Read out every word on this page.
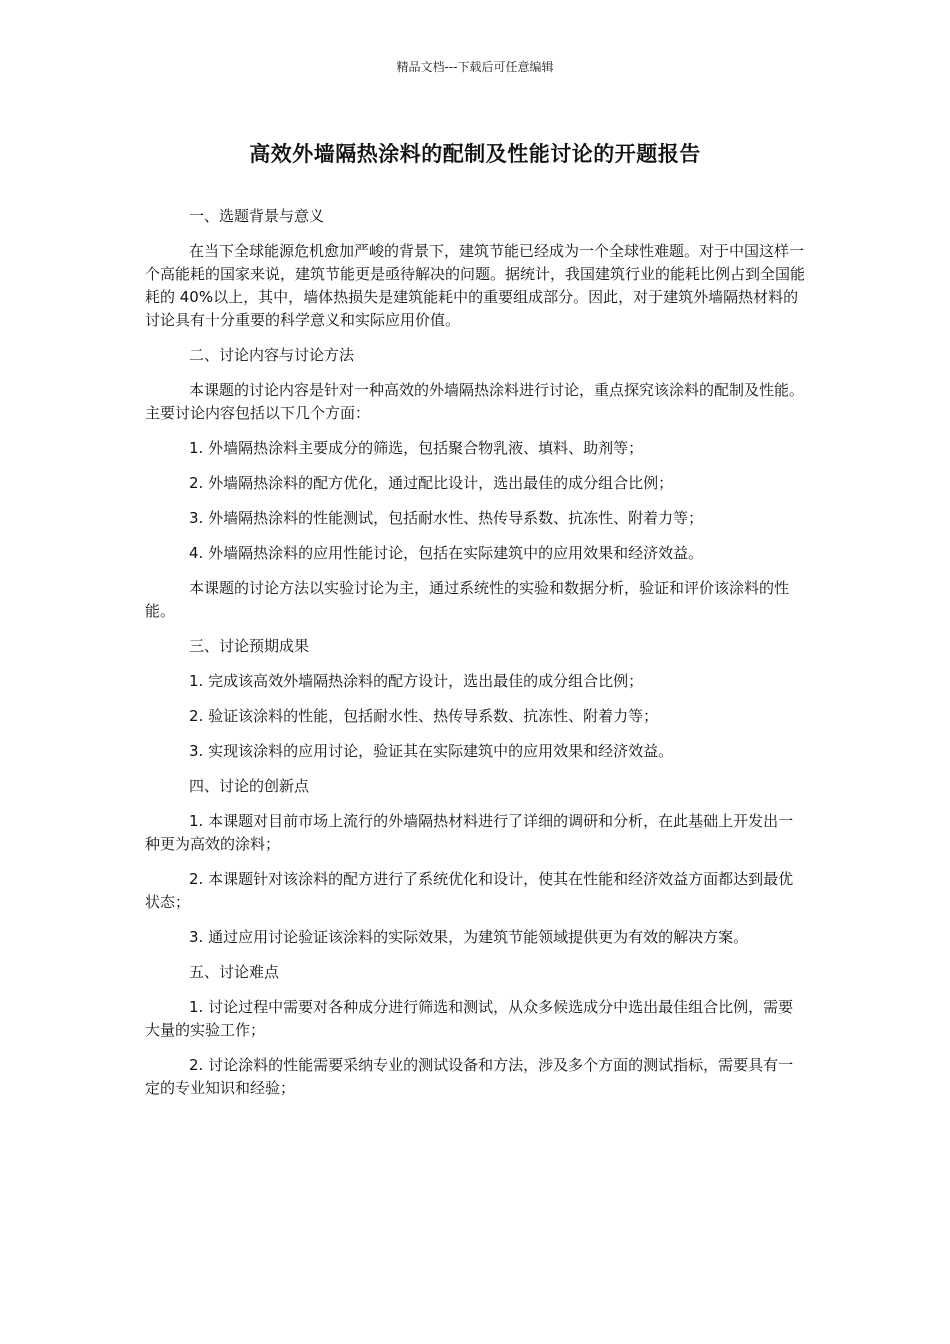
精品文档---下载后可任意编辑
高效外墙隔热涂料的配制及性能讨论的开题报告
一、选题背景与意义
在当下全球能源危机愈加严峻的背景下，建筑节能已经成为一个全球性难题。对于中国这样一个高能耗的国家来说，建筑节能更是亟待解决的问题。据统计，我国建筑行业的能耗比例占到全国能耗的 40%以上，其中，墙体热损失是建筑能耗中的重要组成部分。因此，对于建筑外墙隔热材料的讨论具有十分重要的科学意义和实际应用价值。
二、讨论内容与讨论方法
本课题的讨论内容是针对一种高效的外墙隔热涂料进行讨论，重点探究该涂料的配制及性能。主要讨论内容包括以下几个方面：
1. 外墙隔热涂料主要成分的筛选，包括聚合物乳液、填料、助剂等；
2. 外墙隔热涂料的配方优化，通过配比设计，选出最佳的成分组合比例；
3. 外墙隔热涂料的性能测试，包括耐水性、热传导系数、抗冻性、附着力等；
4. 外墙隔热涂料的应用性能讨论，包括在实际建筑中的应用效果和经济效益。
本课题的讨论方法以实验讨论为主，通过系统性的实验和数据分析，验证和评价该涂料的性能。
三、讨论预期成果
1. 完成该高效外墙隔热涂料的配方设计，选出最佳的成分组合比例；
2. 验证该涂料的性能，包括耐水性、热传导系数、抗冻性、附着力等；
3. 实现该涂料的应用讨论，验证其在实际建筑中的应用效果和经济效益。
四、讨论的创新点
1. 本课题对目前市场上流行的外墙隔热材料进行了详细的调研和分析，在此基础上开发出一种更为高效的涂料；
2. 本课题针对该涂料的配方进行了系统优化和设计，使其在性能和经济效益方面都达到最优状态；
3. 通过应用讨论验证该涂料的实际效果，为建筑节能领域提供更为有效的解决方案。
五、讨论难点
1. 讨论过程中需要对各种成分进行筛选和测试，从众多候选成分中选出最佳组合比例，需要大量的实验工作；
2. 讨论涂料的性能需要采纳专业的测试设备和方法，涉及多个方面的测试指标，需要具有一定的专业知识和经验；
